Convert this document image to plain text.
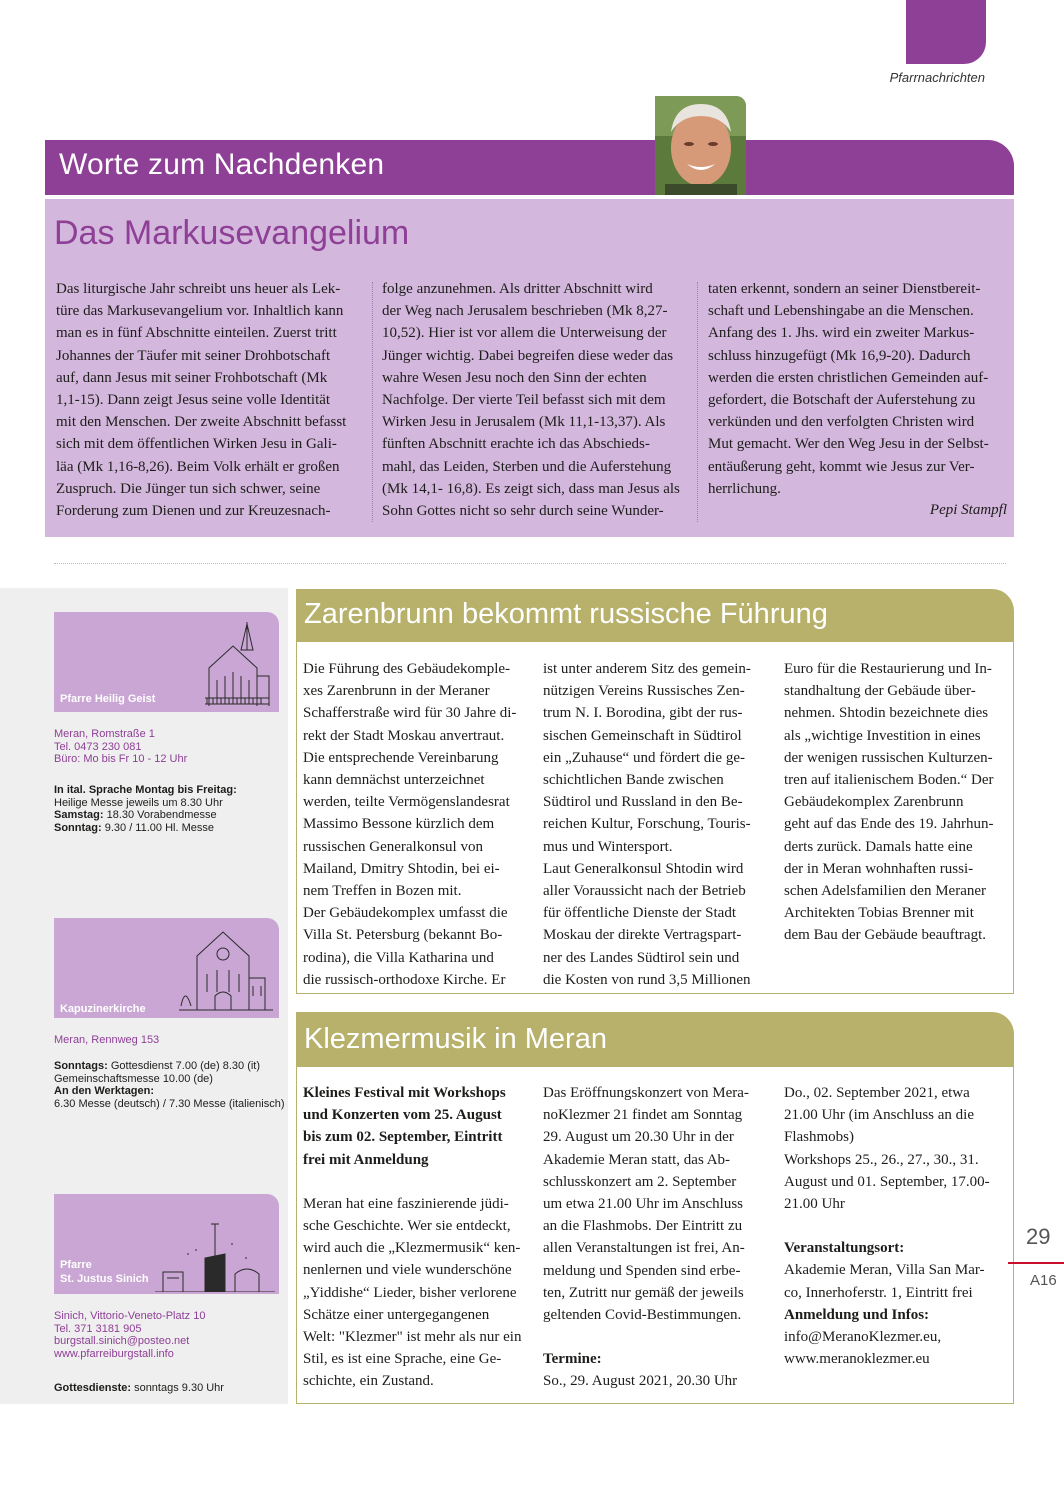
Pfarrnachrichten
Worte zum Nachdenken
Das Markusevangelium

Das liturgische Jahr schreibt uns heuer als Lek-

türe das Markusevangelium vor. Inhaltlich kann

man es in fünf Abschnitte einteilen. Zuerst tritt

Johannes der Täufer mit seiner Drohbotschaft

auf, dann Jesus mit seiner Frohbotschaft (Mk

1,1-15). Dann zeigt Jesus seine volle Identität

mit den Menschen. Der zweite Abschnitt befasst

sich mit dem öffentlichen Wirken Jesu in Gali-

läa (Mk 1,16-8,26). Beim Volk erhält er großen

Zuspruch. Die Jünger tun sich schwer, seine

Forderung zum Dienen und zur Kreuzesnach-

folge anzunehmen. Als dritter Abschnitt wird

der Weg nach Jerusalem beschrieben (Mk 8,27-

10,52). Hier ist vor allem die Unterweisung der

Jünger wichtig. Dabei begreifen diese weder das

wahre Wesen Jesu noch den Sinn der echten

Nachfolge. Der vierte Teil befasst sich mit dem

Wirken Jesu in Jerusalem (Mk 11,1-13,37). Als

fünften Abschnitt erachte ich das Abschieds-

mahl, das Leiden, Sterben und die Auferstehung

(Mk 14,1- 16,8). Es zeigt sich, dass man Jesus als

Sohn Gottes nicht so sehr durch seine Wunder-

taten erkennt, sondern an seiner Dienstbereit-

schaft und Lebenshingabe an die Menschen.

Anfang des 1. Jhs. wird ein zweiter Markus-

schluss hinzugefügt (Mk 16,9-20). Dadurch

werden die ersten christlichen Gemeinden auf-

gefordert, die Botschaft der Auferstehung zu

verkünden und den verfolgten Christen wird

Mut gemacht. Wer den Weg Jesu in der Selbst-

entäußerung geht, kommt wie Jesus zur Ver-

herrlichung.

Pepi Stampfl
Pfarre Heilig Geist
Meran, Romstraße 1
Tel. 0473 230 081
Büro: Mo bis Fr 10 - 12 Uhr
In ital. Sprache Montag bis Freitag:
Heilige Messe jeweils um 8.30 Uhr
Samstag: 18.30 Vorabendmesse
Sonntag: 9.30 / 11.00 Hl. Messe
Kapuzinerkirche
Meran, Rennweg 153
Sonntags: Gottesdienst 7.00 (de) 8.30 (it)
Gemeinschaftsmesse 10.00 (de)
An den Werktagen:
6.30 Messe (deutsch) / 7.30 Messe (italienisch)
Pfarre
St. Justus Sinich
Sinich, Vittorio-Veneto-Platz 10
Tel. 371 3181 905
burgstall.sinich@posteo.net
www.pfarreiburgstall.info
Gottesdienste: sonntags 9.30 Uhr
Zarenbrunn bekommt russische Führung

Die Führung des Gebäudekomple-

xes Zarenbrunn in der Meraner

Schafferstraße wird für 30 Jahre di-

rekt der Stadt Moskau anvertraut.

Die entsprechende Vereinbarung

kann demnächst unterzeichnet

werden, teilte Vermögenslandesrat

Massimo Bessone kürzlich dem

russischen Generalkonsul von

Mailand, Dmitry Shtodin, bei ei-

nem Treffen in Bozen mit.

Der Gebäudekomplex umfasst die

Villa St. Petersburg (bekannt Bo-

rodina), die Villa Katharina und

die russisch-orthodoxe Kirche. Er

ist unter anderem Sitz des gemein-

nützigen Vereins Russisches Zen-

trum N. I. Borodina, gibt der rus-

sischen Gemeinschaft in Südtirol

ein „Zuhause“ und fördert die ge-

schichtlichen Bande zwischen

Südtirol und Russland in den Be-

reichen Kultur, Forschung, Touris-

mus und Wintersport.

Laut Generalkonsul Shtodin wird

aller Voraussicht nach der Betrieb

für öffentliche Dienste der Stadt

Moskau der direkte Vertragspart-

ner des Landes Südtirol sein und

die Kosten von rund 3,5 Millionen

Euro für die Restaurierung und In-

standhaltung der Gebäude über-

nehmen. Shtodin bezeichnete dies

als „wichtige Investition in eines

der wenigen russischen Kulturzen-

tren auf italienischem Boden.“ Der

Gebäudekomplex Zarenbrunn

geht auf das Ende des 19. Jahrhun-

derts zurück. Damals hatte eine

der in Meran wohnhaften russi-

schen Adelsfamilien den Meraner

Architekten Tobias Brenner mit

dem Bau der Gebäude beauftragt.

Klezmermusik in Meran

Kleines Festival mit Workshops

und Konzerten vom 25. August

bis zum 02. September, Eintritt

frei mit Anmeldung

Meran hat eine faszinierende jüdi-

sche Geschichte. Wer sie entdeckt,

wird auch die „Klezmermusik“ ken-

nenlernen und viele wunderschöne

„Yiddishe“ Lieder, bisher verlorene

Schätze einer untergegangenen

Welt: "Klezmer" ist mehr als nur ein

Stil, es ist eine Sprache, eine Ge-

schichte, ein Zustand.

Das Eröffnungskonzert von Mera-

noKlezmer 21 findet am Sonntag

29. August um 20.30 Uhr in der

Akademie Meran statt, das Ab-

schlusskonzert am 2. September

um etwa 21.00 Uhr im Anschluss

an die Flashmobs. Der Eintritt zu

allen Veranstaltungen ist frei, An-

meldung und Spenden sind erbe-

ten, Zutritt nur gemäß der jeweils

geltenden Covid-Bestimmungen.

Termine:

So., 29. August 2021, 20.30 Uhr

Do., 02. September 2021, etwa

21.00 Uhr (im Anschluss an die

Flashmobs)

Workshops 25., 26., 27., 30., 31.

August und 01. September, 17.00-

21.00 Uhr

Veranstaltungsort:

Akademie Meran, Villa San Mar-

co, Innerhoferstr. 1, Eintritt frei

Anmeldung und Infos:

info@MeranoKlezmer.eu,

www.meranoklezmer.eu

29
A16
